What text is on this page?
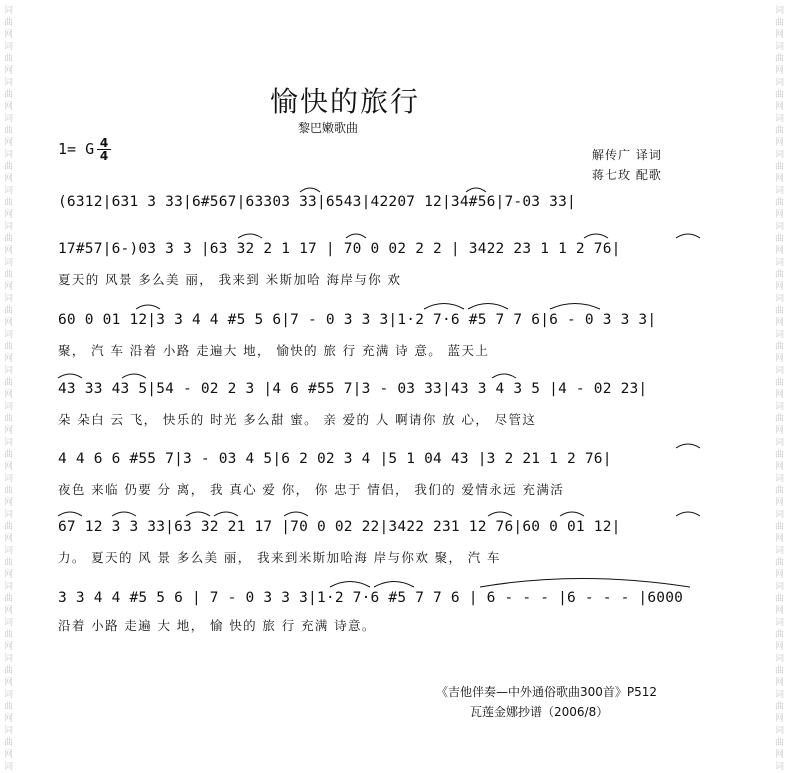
词
曲
网
词
曲
网
词
曲
网
词
曲
网
词
曲
网
词
曲
网
词
曲
网
词
曲
网
词
曲
网
词
曲
网
词
曲
网
词
曲
网
词
曲
网
词
曲
网
词
曲
网
词
曲
网
词
曲
网
词
曲
网
词
曲
网
词
曲
网
词
曲
网
词
词
曲
网
词
曲
网
词
曲
网
词
曲
网
词
曲
网
词
曲
网
词
曲
网
词
曲
网
词
曲
网
词
曲
网
词
曲
网
词
曲
网
词
曲
网
词
曲
网
词
曲
网
词
曲
网
词
曲
网
词
曲
网
词
曲
网
词
曲
网
词
曲
网
词
愉快的旅行
黎巴嫩歌曲
1= G 4
4	解传广 译词
蒋七玫 配歌
(6312|631 3 33|6#567|63303 33|6543|42207 12|34#56|7-03 33|
17#57|6-)03 3 3 |63 32 2 1 17 | 70 0 02 2 2 | 3422 23 1 1 2 76|
夏天的 风景 多么美 丽， 我来到 米斯加哈 海岸与你 欢
60 0 01 12|3 3 4 4 #5 5 6|7 - 0 3 3 3|1·2 7·6 #5 7 7 6|6 - 0 3 3 3|
聚， 汽 车 沿着 小路 走遍大 地， 愉快的 旅 行 充满 诗 意。 蓝天上
43 33 43 5|54 - 02 2 3 |4 6 #55 7|3 - 03 33|43 3 4 3 5 |4 - 02 23|
朵 朵白 云 飞， 快乐的 时光 多么甜 蜜。 亲 爱的 人 啊请你 放 心， 尽管这
4 4 6 6 #55 7|3 - 03 4 5|6 2 02 3 4 |5 1 04 43 |3 2 21 1 2 76|
夜色 来临 仍要 分 离， 我 真心 爱 你， 你 忠于 情侣， 我们的 爱情永远 充满活
67 12 3 3 33|63 32 21 17 |70 0 02 22|3422 231 12 76|60 0 01 12|
力。 夏天的 风 景 多么美 丽， 我来到米斯加哈海 岸与你欢 聚， 汽 车
3 3 4 4 #5 5 6 | 7 - 0 3 3 3|1·2 7·6 #5 7 7 6 | 6 - - - |6 - - - |6000
沿着 小路 走遍 大 地， 愉 快的 旅 行 充满 诗意。
《吉他伴奏—中外通俗歌曲300首》P512
瓦莲金娜抄谱（2006/8）
